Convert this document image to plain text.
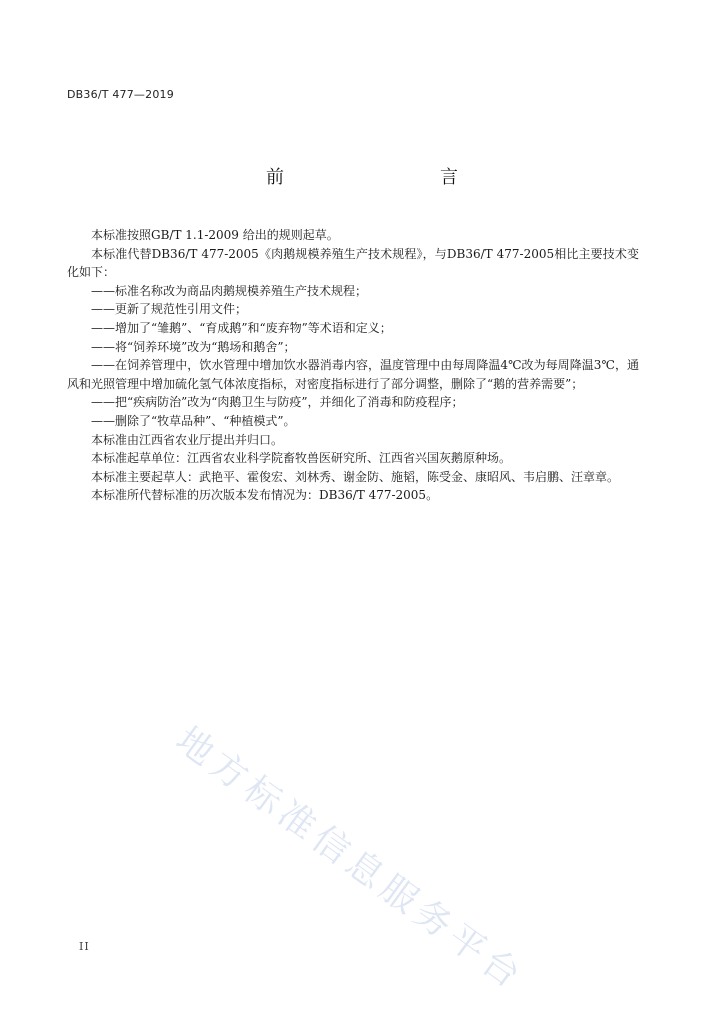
DB36/T 477—2019
前　　言

本标准按照GB/T 1.1-2009 给出的规则起草。

本标准代替DB36/T 477-2005《肉鹅规模养殖生产技术规程》，与DB36/T 477-2005相比主要技术变化如下：

——标准名称改为商品肉鹅规模养殖生产技术规程；

——更新了规范性引用文件；

——增加了“雏鹅”、“育成鹅”和“废弃物”等术语和定义；

——将“饲养环境”改为“鹅场和鹅舍”；

——在饲养管理中，饮水管理中增加饮水器消毒内容，温度管理中由每周降温4℃改为每周降温3℃，通风和光照管理中增加硫化氢气体浓度指标，对密度指标进行了部分调整，删除了“鹅的营养需要”；

——把“疾病防治”改为“肉鹅卫生与防疫”，并细化了消毒和防疫程序；

——删除了“牧草品种”、“种植模式”。

本标准由江西省农业厅提出并归口。

本标准起草单位：江西省农业科学院畜牧兽医研究所、江西省兴国灰鹅原种场。

本标准主要起草人：武艳平、霍俊宏、刘林秀、谢金防、施韬，陈受金、康昭风、韦启鹏、汪章章。

本标准所代替标准的历次版本发布情况为：DB36/T 477-2005。

地方标准信息服务平台
II
